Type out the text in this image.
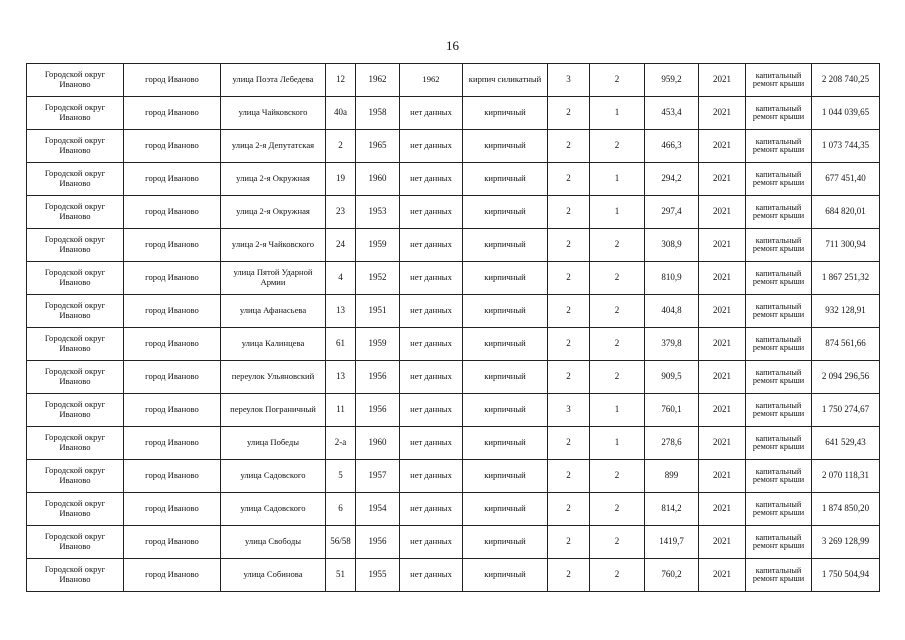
16
Городской округ Иваново	город Иваново	улица Поэта Лебедева	12	1962	1962	кирпич силикатный	3	2	959,2	2021	капитальный ремонт крыши	2 208 740,25
Городской округ Иваново	город Иваново	улица Чайковского	40а	1958	нет данных	кирпичный	2	1	453,4	2021	капитальный ремонт крыши	1 044 039,65
Городской округ Иваново	город Иваново	улица 2-я Депутатская	2	1965	нет данных	кирпичный	2	2	466,3	2021	капитальный ремонт крыши	1 073 744,35
Городской округ Иваново	город Иваново	улица 2-я Окружная	19	1960	нет данных	кирпичный	2	1	294,2	2021	капитальный ремонт крыши	677 451,40
Городской округ Иваново	город Иваново	улица 2-я Окружная	23	1953	нет данных	кирпичный	2	1	297,4	2021	капитальный ремонт крыши	684 820,01
Городской округ Иваново	город Иваново	улица 2-я Чайковского	24	1959	нет данных	кирпичный	2	2	308,9	2021	капитальный ремонт крыши	711 300,94
Городской округ Иваново	город Иваново	улица Пятой Ударной Армии	4	1952	нет данных	кирпичный	2	2	810,9	2021	капитальный ремонт крыши	1 867 251,32
Городской округ Иваново	город Иваново	улица Афанасьева	13	1951	нет данных	кирпичный	2	2	404,8	2021	капитальный ремонт крыши	932 128,91
Городской округ Иваново	город Иваново	улица Калинцева	61	1959	нет данных	кирпичный	2	2	379,8	2021	капитальный ремонт крыши	874 561,66
Городской округ Иваново	город Иваново	переулок Ульяновский	13	1956	нет данных	кирпичный	2	2	909,5	2021	капитальный ремонт крыши	2 094 296,56
Городской округ Иваново	город Иваново	переулок Пограничный	11	1956	нет данных	кирпичный	3	1	760,1	2021	капитальный ремонт крыши	1 750 274,67
Городской округ Иваново	город Иваново	улица Победы	2-а	1960	нет данных	кирпичный	2	1	278,6	2021	капитальный ремонт крыши	641 529,43
Городской округ Иваново	город Иваново	улица Садовского	5	1957	нет данных	кирпичный	2	2	899	2021	капитальный ремонт крыши	2 070 118,31
Городской округ Иваново	город Иваново	улица Садовского	6	1954	нет данных	кирпичный	2	2	814,2	2021	капитальный ремонт крыши	1 874 850,20
Городской округ Иваново	город Иваново	улица Свободы	56/58	1956	нет данных	кирпичный	2	2	1419,7	2021	капитальный ремонт крыши	3 269 128,99
Городской округ Иваново	город Иваново	улица Собинова	51	1955	нет данных	кирпичный	2	2	760,2	2021	капитальный ремонт крыши	1 750 504,94
